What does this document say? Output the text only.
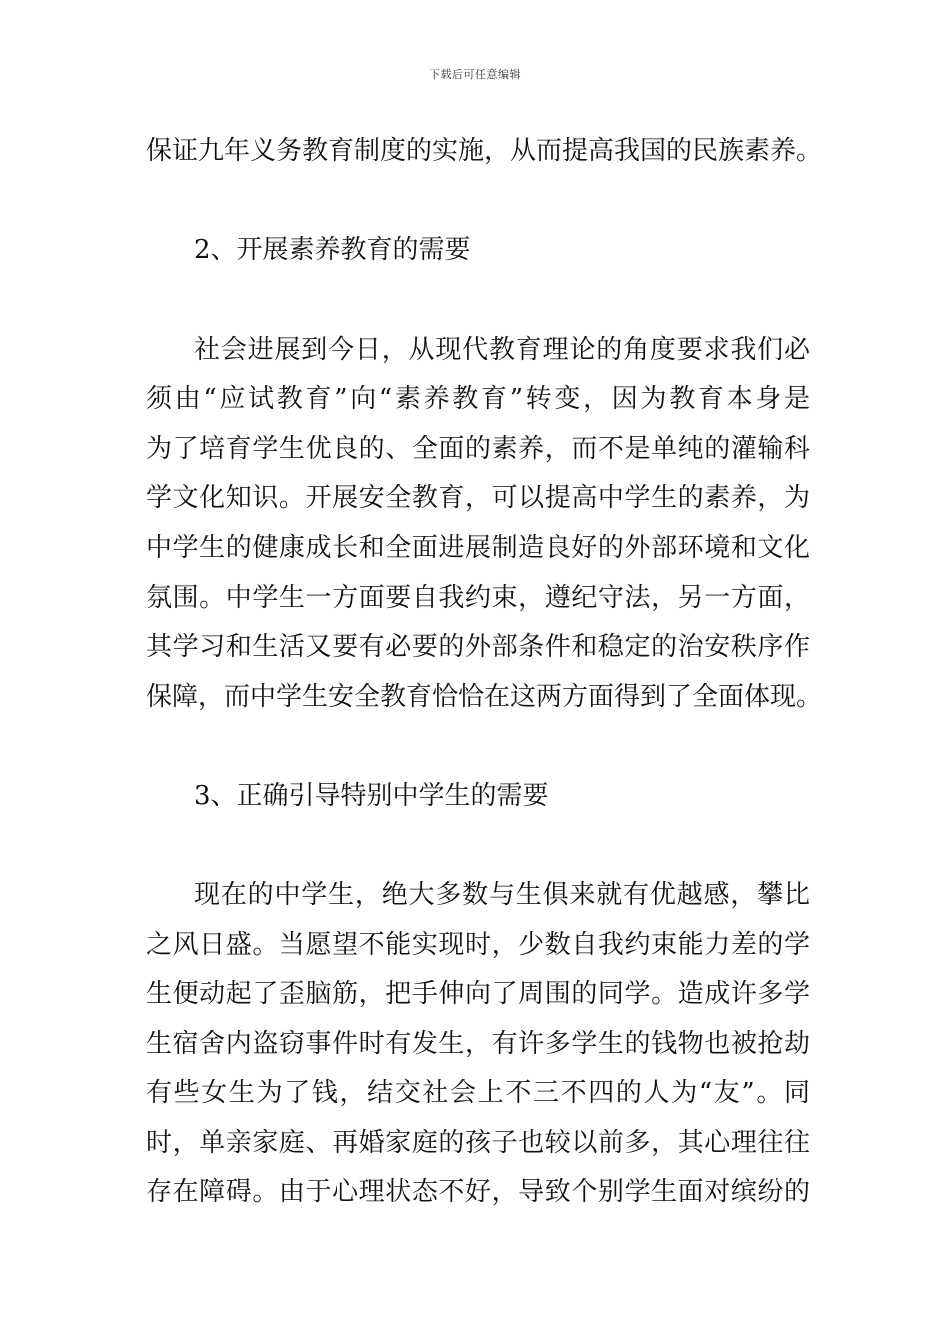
下载后可任意编辑
保证九年义务教育制度的实施，从而提高我国的民族素养。
2、开展素养教育的需要
社会进展到今日，从现代教育理论的角度要求我们必
须由“应试教育”向“素养教育”转变，因为教育本身是
为了培育学生优良的、全面的素养，而不是单纯的灌输科
学文化知识。开展安全教育，可以提高中学生的素养，为
中学生的健康成长和全面进展制造良好的外部环境和文化
氛围。中学生一方面要自我约束，遵纪守法，另一方面，
其学习和生活又要有必要的外部条件和稳定的治安秩序作
保障，而中学生安全教育恰恰在这两方面得到了全面体现。
3、正确引导特别中学生的需要
现在的中学生，绝大多数与生俱来就有优越感，攀比
之风日盛。当愿望不能实现时，少数自我约束能力差的学
生便动起了歪脑筋，把手伸向了周围的同学。造成许多学
生宿舍内盗窃事件时有发生，有许多学生的钱物也被抢劫
有些女生为了钱，结交社会上不三不四的人为“友”。同
时，单亲家庭、再婚家庭的孩子也较以前多，其心理往往
存在障碍。由于心理状态不好，导致个别学生面对缤纷的
